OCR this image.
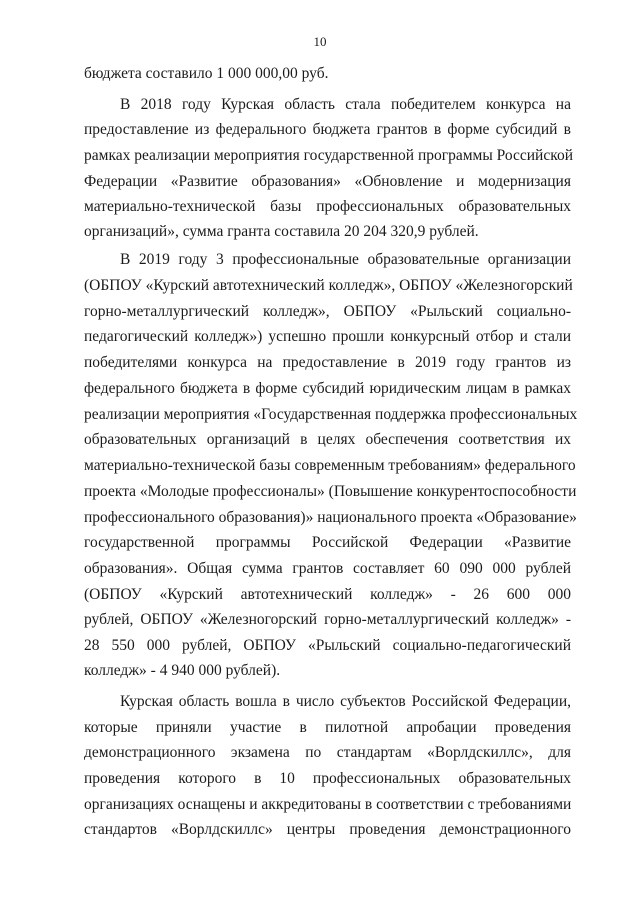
10
бюджета составило 1 000 000,00 руб.
В 2018 году Курская область стала победителем конкурса на
предоставление из федерального бюджета грантов в форме субсидий в
рамках реализации мероприятия государственной программы Российской
Федерации «Развитие образования» «Обновление и модернизация
материально-технической базы профессиональных образовательных
организаций», сумма гранта составила 20 204 320,9 рублей.
В 2019 году 3 профессиональные образовательные организации
(ОБПОУ «Курский автотехнический колледж», ОБПОУ «Железногорский
горно-металлургический колледж», ОБПОУ «Рыльский социально-
педагогический колледж») успешно прошли конкурсный отбор и стали
победителями конкурса на предоставление в 2019 году грантов из
федерального бюджета в форме субсидий юридическим лицам в рамках
реализации мероприятия «Государственная поддержка профессиональных
образовательных организаций в целях обеспечения соответствия их
материально-технической базы современным требованиям» федерального
проекта «Молодые профессионалы» (Повышение конкурентоспособности
профессионального образования)» национального проекта «Образование»
государственной программы Российской Федерации «Развитие
образования». Общая сумма грантов составляет 60 090 000 рублей
(ОБПОУ «Курский автотехнический колледж» - 26 600 000
рублей, ОБПОУ «Железногорский горно-металлургический колледж» -
28 550 000 рублей, ОБПОУ «Рыльский социально-педагогический
колледж» - 4 940 000 рублей).
Курская область вошла в число субъектов Российской Федерации,
которые приняли участие в пилотной апробации проведения
демонстрационного экзамена по стандартам «Ворлдскиллс», для
проведения которого в 10 профессиональных образовательных
организациях оснащены и аккредитованы в соответствии с требованиями
стандартов «Ворлдскиллс» центры проведения демонстрационного
